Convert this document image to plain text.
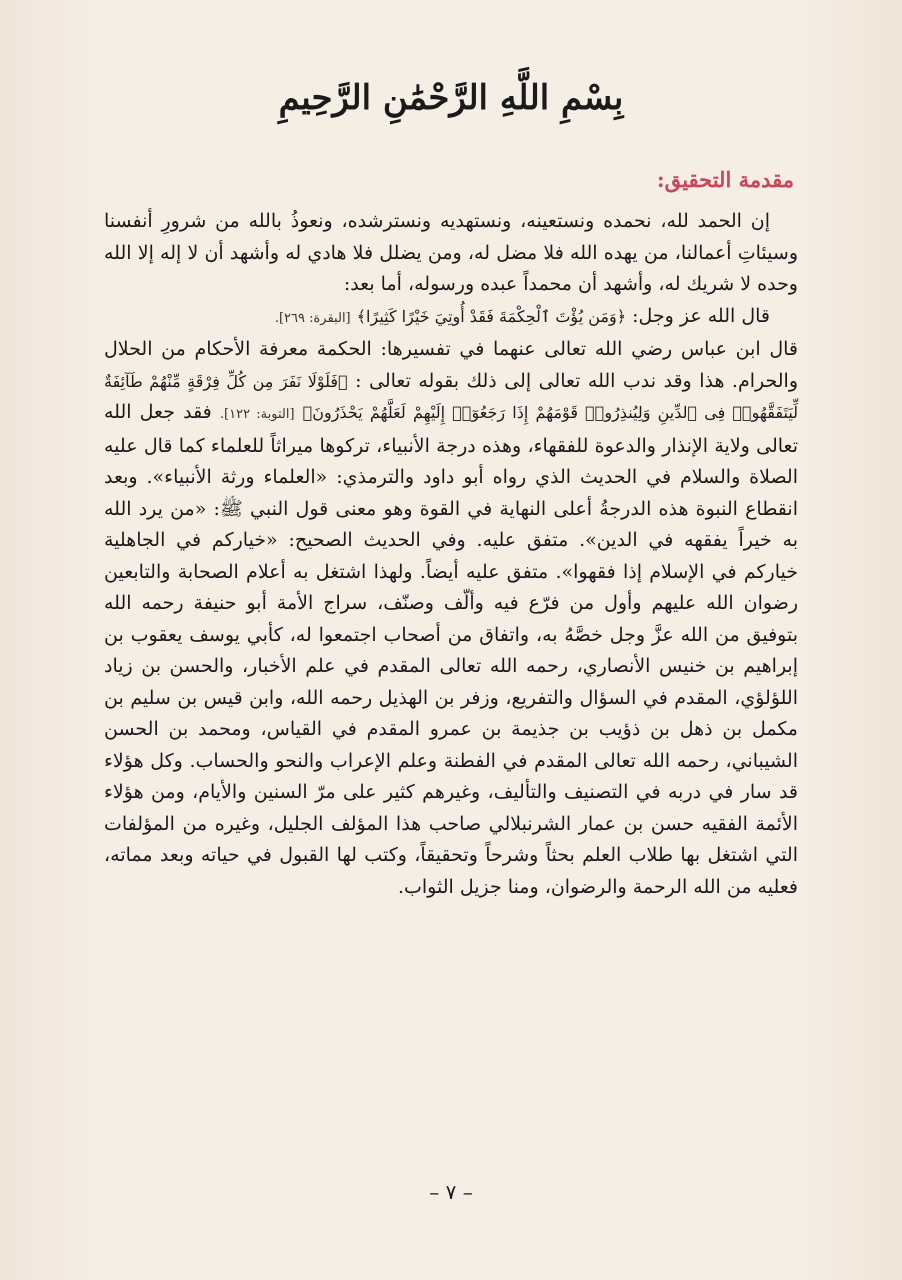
بِسْمِ اللَّهِ الرَّحْمَٰنِ الرَّحِيمِ
مقدمة التحقيق:

إن الحمد لله، نحمده ونستعينه، ونستهديه ونسترشده، ونعوذُ بالله من شرورِ أنفسنا وسيئاتِ أعمالنا، من يهده الله فلا مضل له، ومن يضلل فلا هادي له وأشهد أن لا إله إلا الله وحده لا شريك له، وأشهد أن محمداً عبده ورسوله، أما بعد:

قال الله عز وجل: ﴿وَمَن يُؤْتَ ٱلْحِكْمَةَ فَقَدْ أُوتِيَ خَيْرًا كَثِيرًا﴾ [البقرة: ٢٦٩].

قال ابن عباس رضي الله تعالى عنهما في تفسيرها: الحكمة معرفة الأحكام من الحلال والحرام. هذا وقد ندب الله تعالى إلى ذلك بقوله تعالى : ﴿فَلَوْلَا نَفَرَ مِن كُلِّ فِرْقَةٍ مِّنْهُمْ طَآئِفَةٌ لِّيَتَفَقَّهُوا۟ فِى ٱلدِّينِ وَلِيُنذِرُوا۟ قَوْمَهُمْ إِذَا رَجَعُوٓا۟ إِلَيْهِمْ لَعَلَّهُمْ يَحْذَرُونَ﴾ [التوبة: ١٢٢]. فقد جعل الله تعالى ولاية الإنذار والدعوة للفقهاء، وهذه درجة الأنبياء، تركوها ميراثاً للعلماء كما قال عليه الصلاة والسلام في الحديث الذي رواه أبو داود والترمذي: «العلماء ورثة الأنبياء». وبعد انقطاع النبوة هذه الدرجةُ أعلى النهاية في القوة وهو معنى قول النبي ﷺ: «من يرد الله به خيراً يفقهه في الدين». متفق عليه. وفي الحديث الصحيح: «خياركم في الجاهلية خياركم في الإسلام إذا فقهوا». متفق عليه أيضاً. ولهذا اشتغل به أعلام الصحابة والتابعين رضوان الله عليهم وأول من فرّع فيه وألّف وصنّف، سراج الأمة أبو حنيفة رحمه الله بتوفيق من الله عزَّ وجل خصَّهُ به، واتفاق من أصحاب اجتمعوا له، كأبي يوسف يعقوب بن إبراهيم بن خنيس الأنصاري، رحمه الله تعالى المقدم في علم الأخبار، والحسن بن زياد اللؤلؤي، المقدم في السؤال والتفريع، وزفر بن الهذيل رحمه الله، وابن قيس بن سليم بن مكمل بن ذهل بن ذؤيب بن جذيمة بن عمرو المقدم في القياس، ومحمد بن الحسن الشيباني، رحمه الله تعالى المقدم في الفطنة وعلم الإعراب والنحو والحساب. وكل هؤلاء قد سار في دربه في التصنيف والتأليف، وغيرهم كثير على مرّ السنين والأيام، ومن هؤلاء الأئمة الفقيه حسن بن عمار الشرنبلالي صاحب هذا المؤلف الجليل، وغيره من المؤلفات التي اشتغل بها طلاب العلم بحثاً وشرحاً وتحقيقاً، وكتب لها القبول في حياته وبعد مماته، فعليه من الله الرحمة والرضوان، ومنا جزيل الثواب.

– ٧ –
